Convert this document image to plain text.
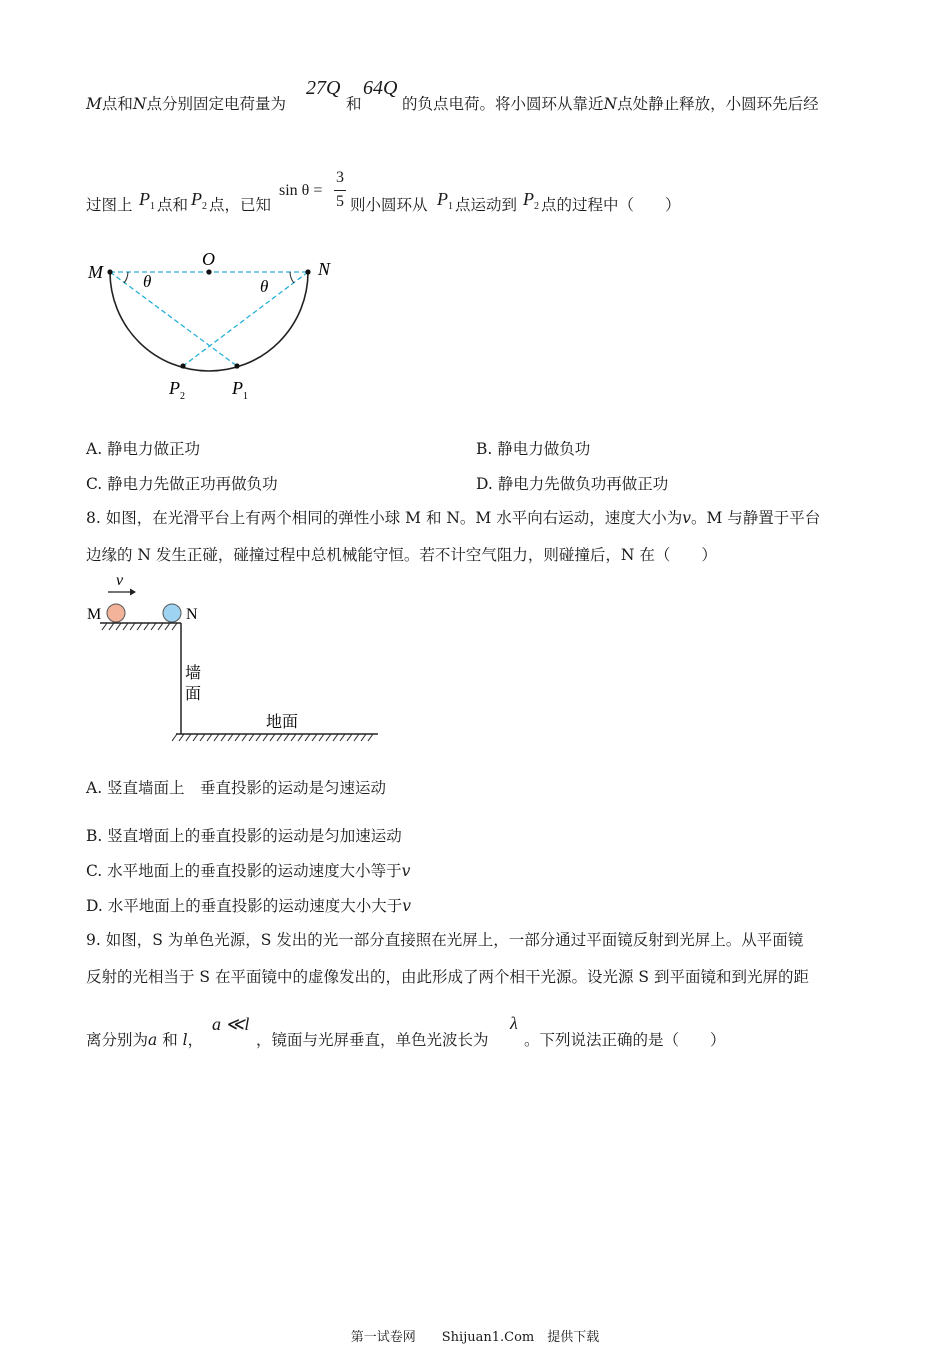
M点和N点分别固定电荷量为
27Q
和
64Q
的负点电荷。将小圆环从靠近N点处静止释放，小圆环先后经
过图上 $P_1$ 点和 $P_2$ 点，已知
sin θ =
3
5 则小圆环从 $P_1$ 点运动到 $P_2$ 点的过程中（　　）
M
O	N
θ	θ
$P_2$	$P_1$
A. 静电力做正功	B. 静电力做负功
C. 静电力先做正功再做负功	D. 静电力先做负功再做正功
8. 如图，在光滑平台上有两个相同的弹性小球 M 和 N。M 水平向右运动，速度大小为v。M 与静置于平台
边缘的 N 发生正碰，碰撞过程中总机械能守恒。若不计空气阻力，则碰撞后，N 在（　　）
v
M	N
墙
面
地面
A. 竖直墙面上　垂直投影的运动是匀速运动
B. 竖直增面上的垂直投影的运动是匀加速运动
C. 水平地面上的垂直投影的运动速度大小等于v
D. 水平地面上的垂直投影的运动速度大小大于v
9. 如图，S 为单色光源，S 发出的光一部分直接照在光屏上，一部分通过平面镜反射到光屏上。从平面镜
反射的光相当于 S 在平面镜中的虚像发出的，由此形成了两个相干光源。设光源 S 到平面镜和到光屏的距
离分别为a 和 l，
a ≪l
，镜面与光屏垂直，单色光波长为
λ
。下列说法正确的是（　　）
第一试卷网　　Shijuan1.Com　提供下载
